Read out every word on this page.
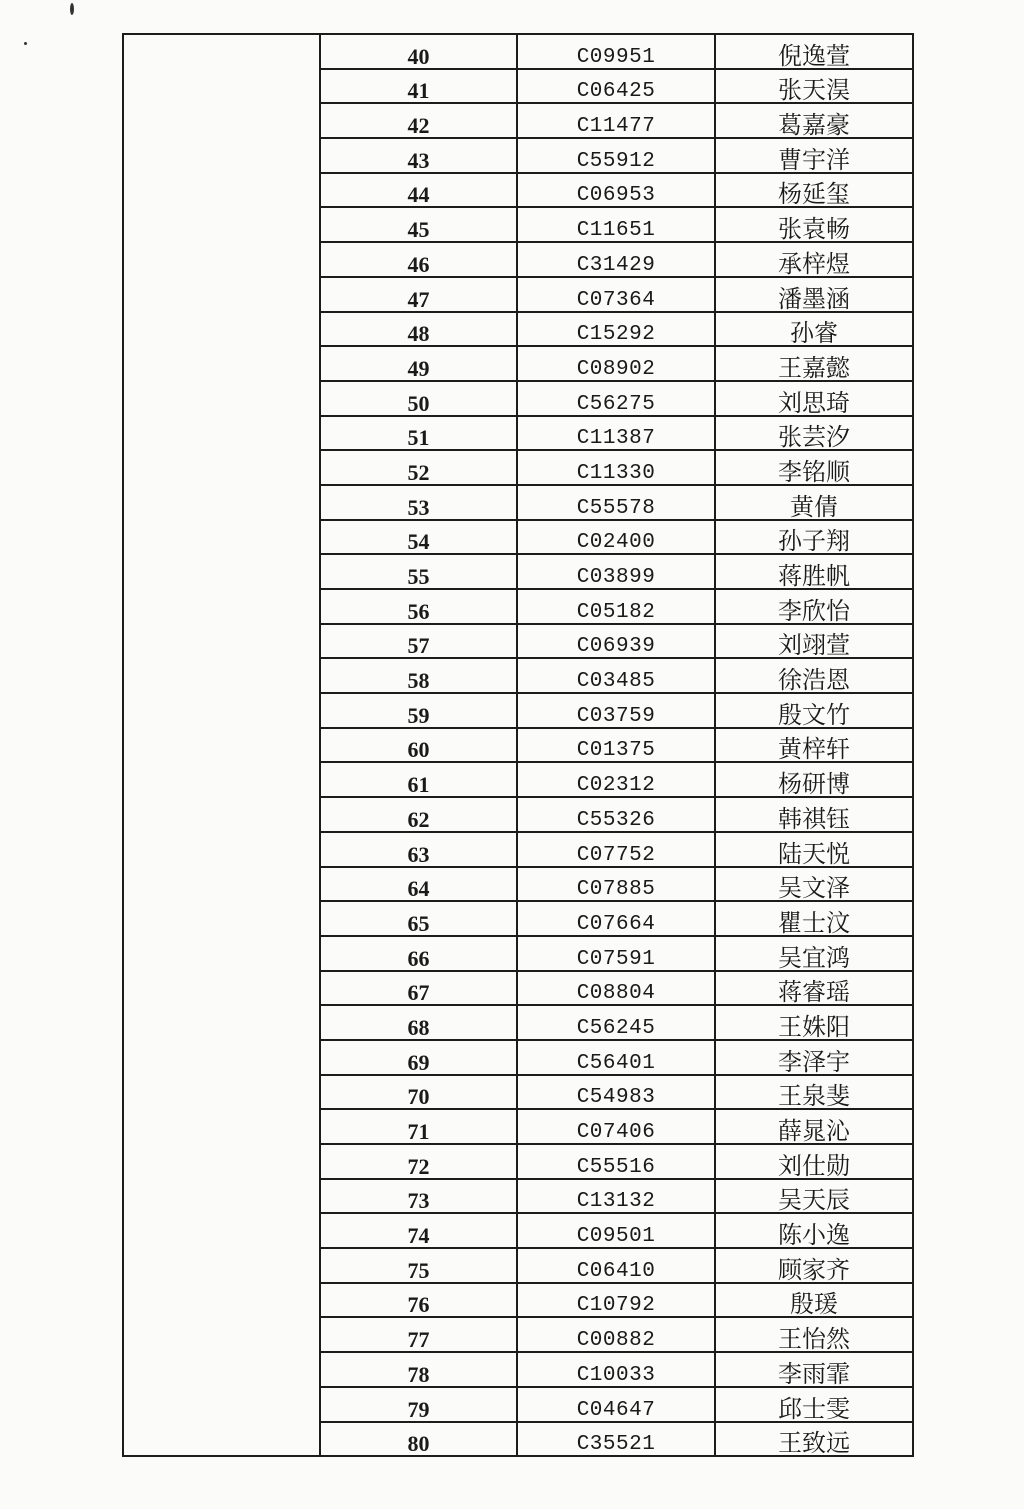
	40	C09951	倪逸萱
	41	C06425	张天淏
	42	C11477	葛嘉豪
	43	C55912	曹宇洋
	44	C06953	杨延玺
	45	C11651	张袁畅
	46	C31429	承梓煜
	47	C07364	潘墨涵
	48	C15292	孙睿
	49	C08902	王嘉懿
	50	C56275	刘思琦
	51	C11387	张芸汐
	52	C11330	李铭顺
	53	C55578	黄倩
	54	C02400	孙子翔
	55	C03899	蒋胜帆
	56	C05182	李欣怡
	57	C06939	刘翊萱
	58	C03485	徐浩恩
	59	C03759	殷文竹
	60	C01375	黄梓轩
	61	C02312	杨研博
	62	C55326	韩祺钰
	63	C07752	陆天悦
	64	C07885	吴文泽
	65	C07664	瞿士汶
	66	C07591	吴宜鸿
	67	C08804	蒋睿瑶
	68	C56245	王姝阳
	69	C56401	李泽宇
	70	C54983	王泉斐
	71	C07406	薛晁沁
	72	C55516	刘仕勋
	73	C13132	吴天辰
	74	C09501	陈小逸
	75	C06410	顾家齐
	76	C10792	殷瑗
	77	C00882	王怡然
	78	C10033	李雨霏
	79	C04647	邱士雯
	80	C35521	王致远
